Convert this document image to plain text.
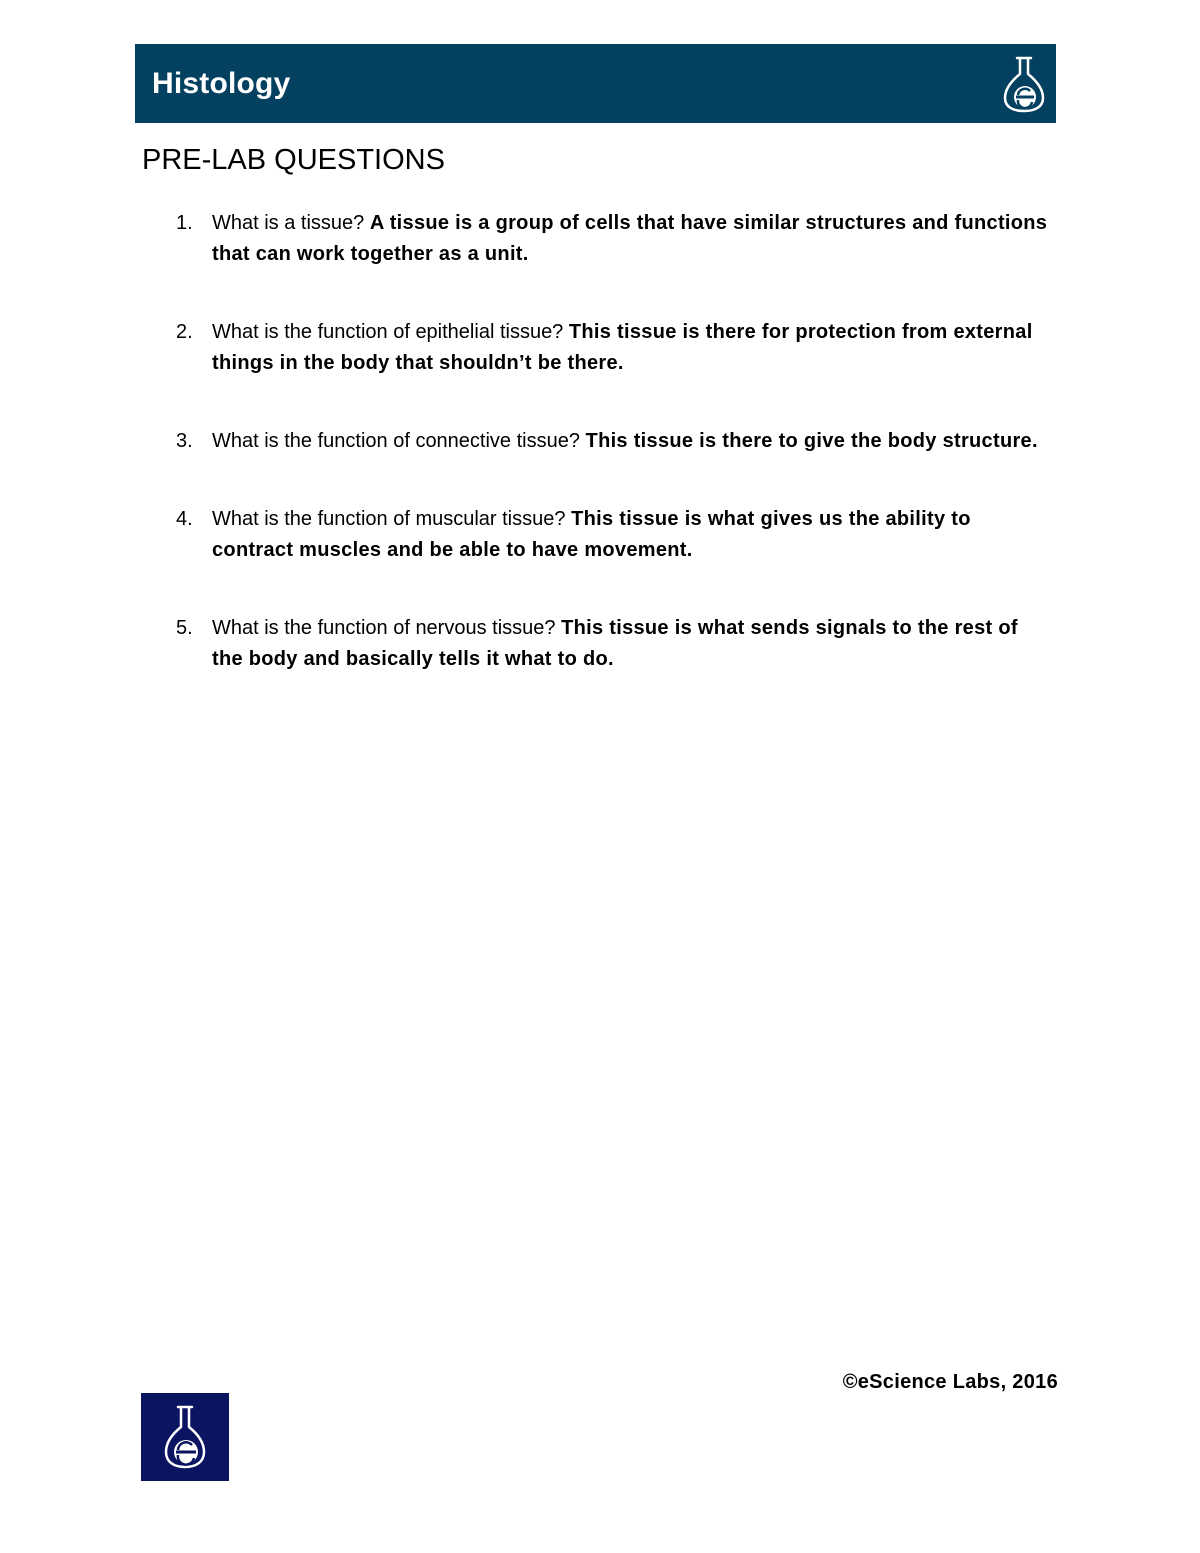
Histology
PRE-LAB QUESTIONS
1. What is a tissue? A tissue is a group of cells that have similar structures and functions that can work together as a unit.
2. What is the function of epithelial tissue? This tissue is there for protection from external things in the body that shouldn’t be there.
3. What is the function of connective tissue? This tissue is there to give the body structure.
4. What is the function of muscular tissue? This tissue is what gives us the ability to contract muscles and be able to have movement.
5. What is the function of nervous tissue? This tissue is what sends signals to the rest of the body and basically tells it what to do.
©eScience Labs, 2016
